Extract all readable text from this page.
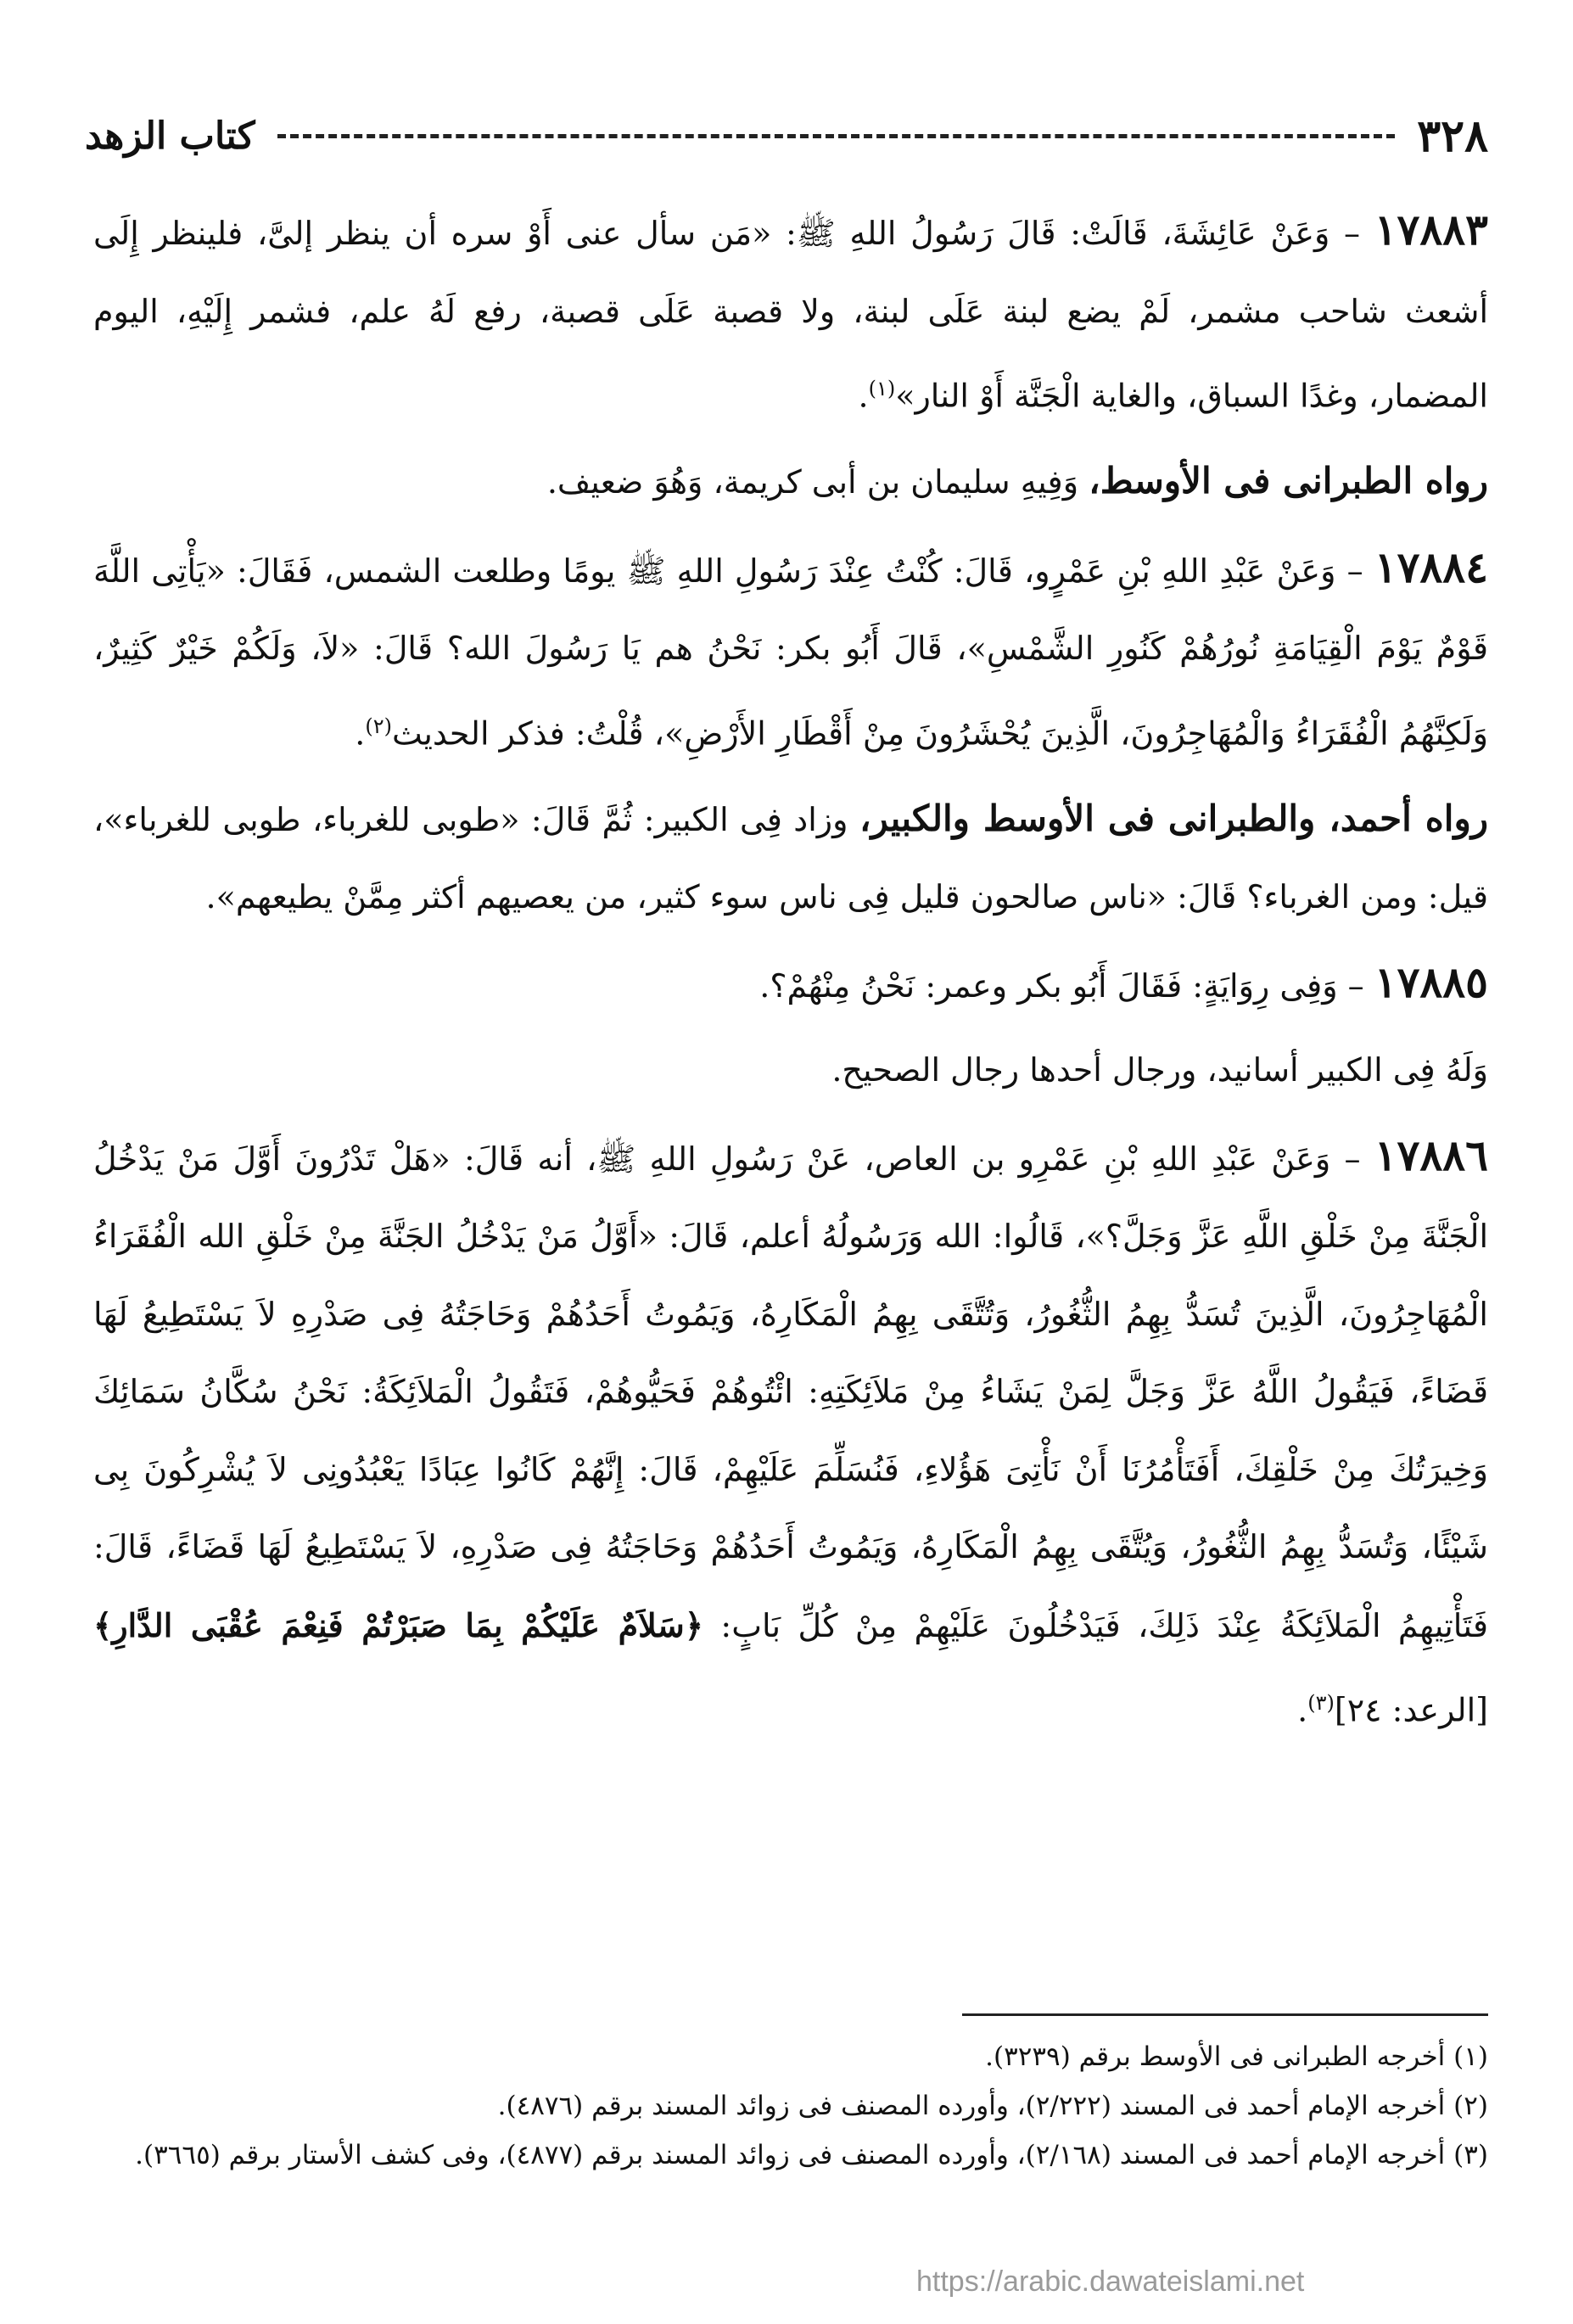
٣٢٨
كتاب الزهد

١٧٨٨٣ – وَعَنْ عَائِشَةَ، قَالَتْ: قَالَ رَسُولُ اللهِ ﷺ: «مَن سأل عنى أَوْ سره أن ينظر إلىَّ، فلينظر إِلَى أشعث شاحب مشمر، لَمْ يضع لبنة عَلَى لبنة، ولا قصبة عَلَى قصبة، رفع لَهُ علم، فشمر إِلَيْهِ، اليوم المضمار، وغدًا السباق، والغاية الْجَنَّة أَوْ النار»$^{(١)}$.

رواه الطبرانى فى الأوسط، وَفِيهِ سليمان بن أبى كريمة، وَهُوَ ضعيف.

١٧٨٨٤ – وَعَنْ عَبْدِ اللهِ بْنِ عَمْرٍو، قَالَ: كُنْتُ عِنْدَ رَسُولِ اللهِ ﷺ يومًا وطلعت الشمس، فَقَالَ: «يَأْتِى اللَّهَ قَوْمٌ يَوْمَ الْقِيَامَةِ نُورُهُمْ كَنُورِ الشَّمْسِ»، قَالَ أَبُو بكر: نَحْنُ هم يَا رَسُولَ الله؟ قَالَ: «لاَ، وَلَكُمْ خَيْرٌ كَثِيرٌ، وَلَكِنَّهُمُ الْفُقَرَاءُ وَالْمُهَاجِرُونَ، الَّذِينَ يُحْشَرُونَ مِنْ أَقْطَارِ الأَرْضِ»، قُلْتُ: فذكر الحديث$^{(٢)}$.

رواه أحمد، والطبرانى فى الأوسط والكبير، وزاد فِى الكبير: ثُمَّ قَالَ: «طوبى للغرباء، طوبى للغرباء»، قيل: ومن الغرباء؟ قَالَ: «ناس صالحون قليل فِى ناس سوء كثير، من يعصيهم أكثر مِمَّنْ يطيعهم».

١٧٨٨٥ – وَفِى رِوَايَةٍ: فَقَالَ أَبُو بكر وعمر: نَحْنُ مِنْهُمْ؟.

وَلَهُ فِى الكبير أسانيد، ورجال أحدها رجال الصحيح.

١٧٨٨٦ – وَعَنْ عَبْدِ اللهِ بْنِ عَمْرِو بن العاص، عَنْ رَسُولِ اللهِ ﷺ، أنه قَالَ: «هَلْ تَدْرُونَ أَوَّلَ مَنْ يَدْخُلُ الْجَنَّةَ مِنْ خَلْقِ اللَّهِ عَزَّ وَجَلَّ؟»، قَالُوا: الله وَرَسُولُهُ أعلم، قَالَ: «أَوَّلُ مَنْ يَدْخُلُ الجَنَّةَ مِنْ خَلْقِ الله الْفُقَرَاءُ الْمُهَاجِرُونَ، الَّذِينَ تُسَدُّ بِهِمُ الثُّغُورُ، وَتُتَّقَى بِهِمُ الْمَكَارِهُ، وَيَمُوتُ أَحَدُهُمْ وَحَاجَتُهُ فِى صَدْرِهِ لاَ يَسْتَطِيعُ لَهَا قَضَاءً، فَيَقُولُ اللَّهُ عَزَّ وَجَلَّ لِمَنْ يَشَاءُ مِنْ مَلاَئِكَتِهِ: ائْتُوهُمْ فَحَيُّوهُمْ، فَتَقُولُ الْمَلاَئِكَةُ: نَحْنُ سُكَّانُ سَمَائِكَ وَخِيرَتُكَ مِنْ خَلْقِكَ، أَفَتَأْمُرُنَا أَنْ نَأْتِىَ هَؤُلاءِ، فَنُسَلِّمَ عَلَيْهِمْ، قَالَ: إِنَّهُمْ كَانُوا عِبَادًا يَعْبُدُونِى لاَ يُشْرِكُونَ بِى شَيْئًا، وَتُسَدُّ بِهِمُ الثُّغُورُ، وَيُتَّقَى بِهِمُ الْمَكَارِهُ، وَيَمُوتُ أَحَدُهُمْ وَحَاجَتُهُ فِى صَدْرِهِ، لاَ يَسْتَطِيعُ لَهَا قَضَاءً، قَالَ: فَتَأْتِيهِمُ الْمَلاَئِكَةُ عِنْدَ ذَلِكَ، فَيَدْخُلُونَ عَلَيْهِمْ مِنْ كُلِّ بَابٍ: ﴿سَلاَمٌ عَلَيْكُمْ بِمَا صَبَرْتُمْ فَنِعْمَ عُقْبَى الدَّارِ﴾ [الرعد: ٢٤]$^{(٣)}$.

(١) أخرجه الطبرانى فى الأوسط برقم (٣٢٣٩).

(٢) أخرجه الإمام أحمد فى المسند (٢/٢٢٢)، وأورده المصنف فى زوائد المسند برقم (٤٨٧٦).

(٣) أخرجه الإمام أحمد فى المسند (٢/١٦٨)، وأورده المصنف فى زوائد المسند برقم (٤٨٧٧)، وفى كشف الأستار برقم (٣٦٦٥).

https://arabic.dawateislami.net
